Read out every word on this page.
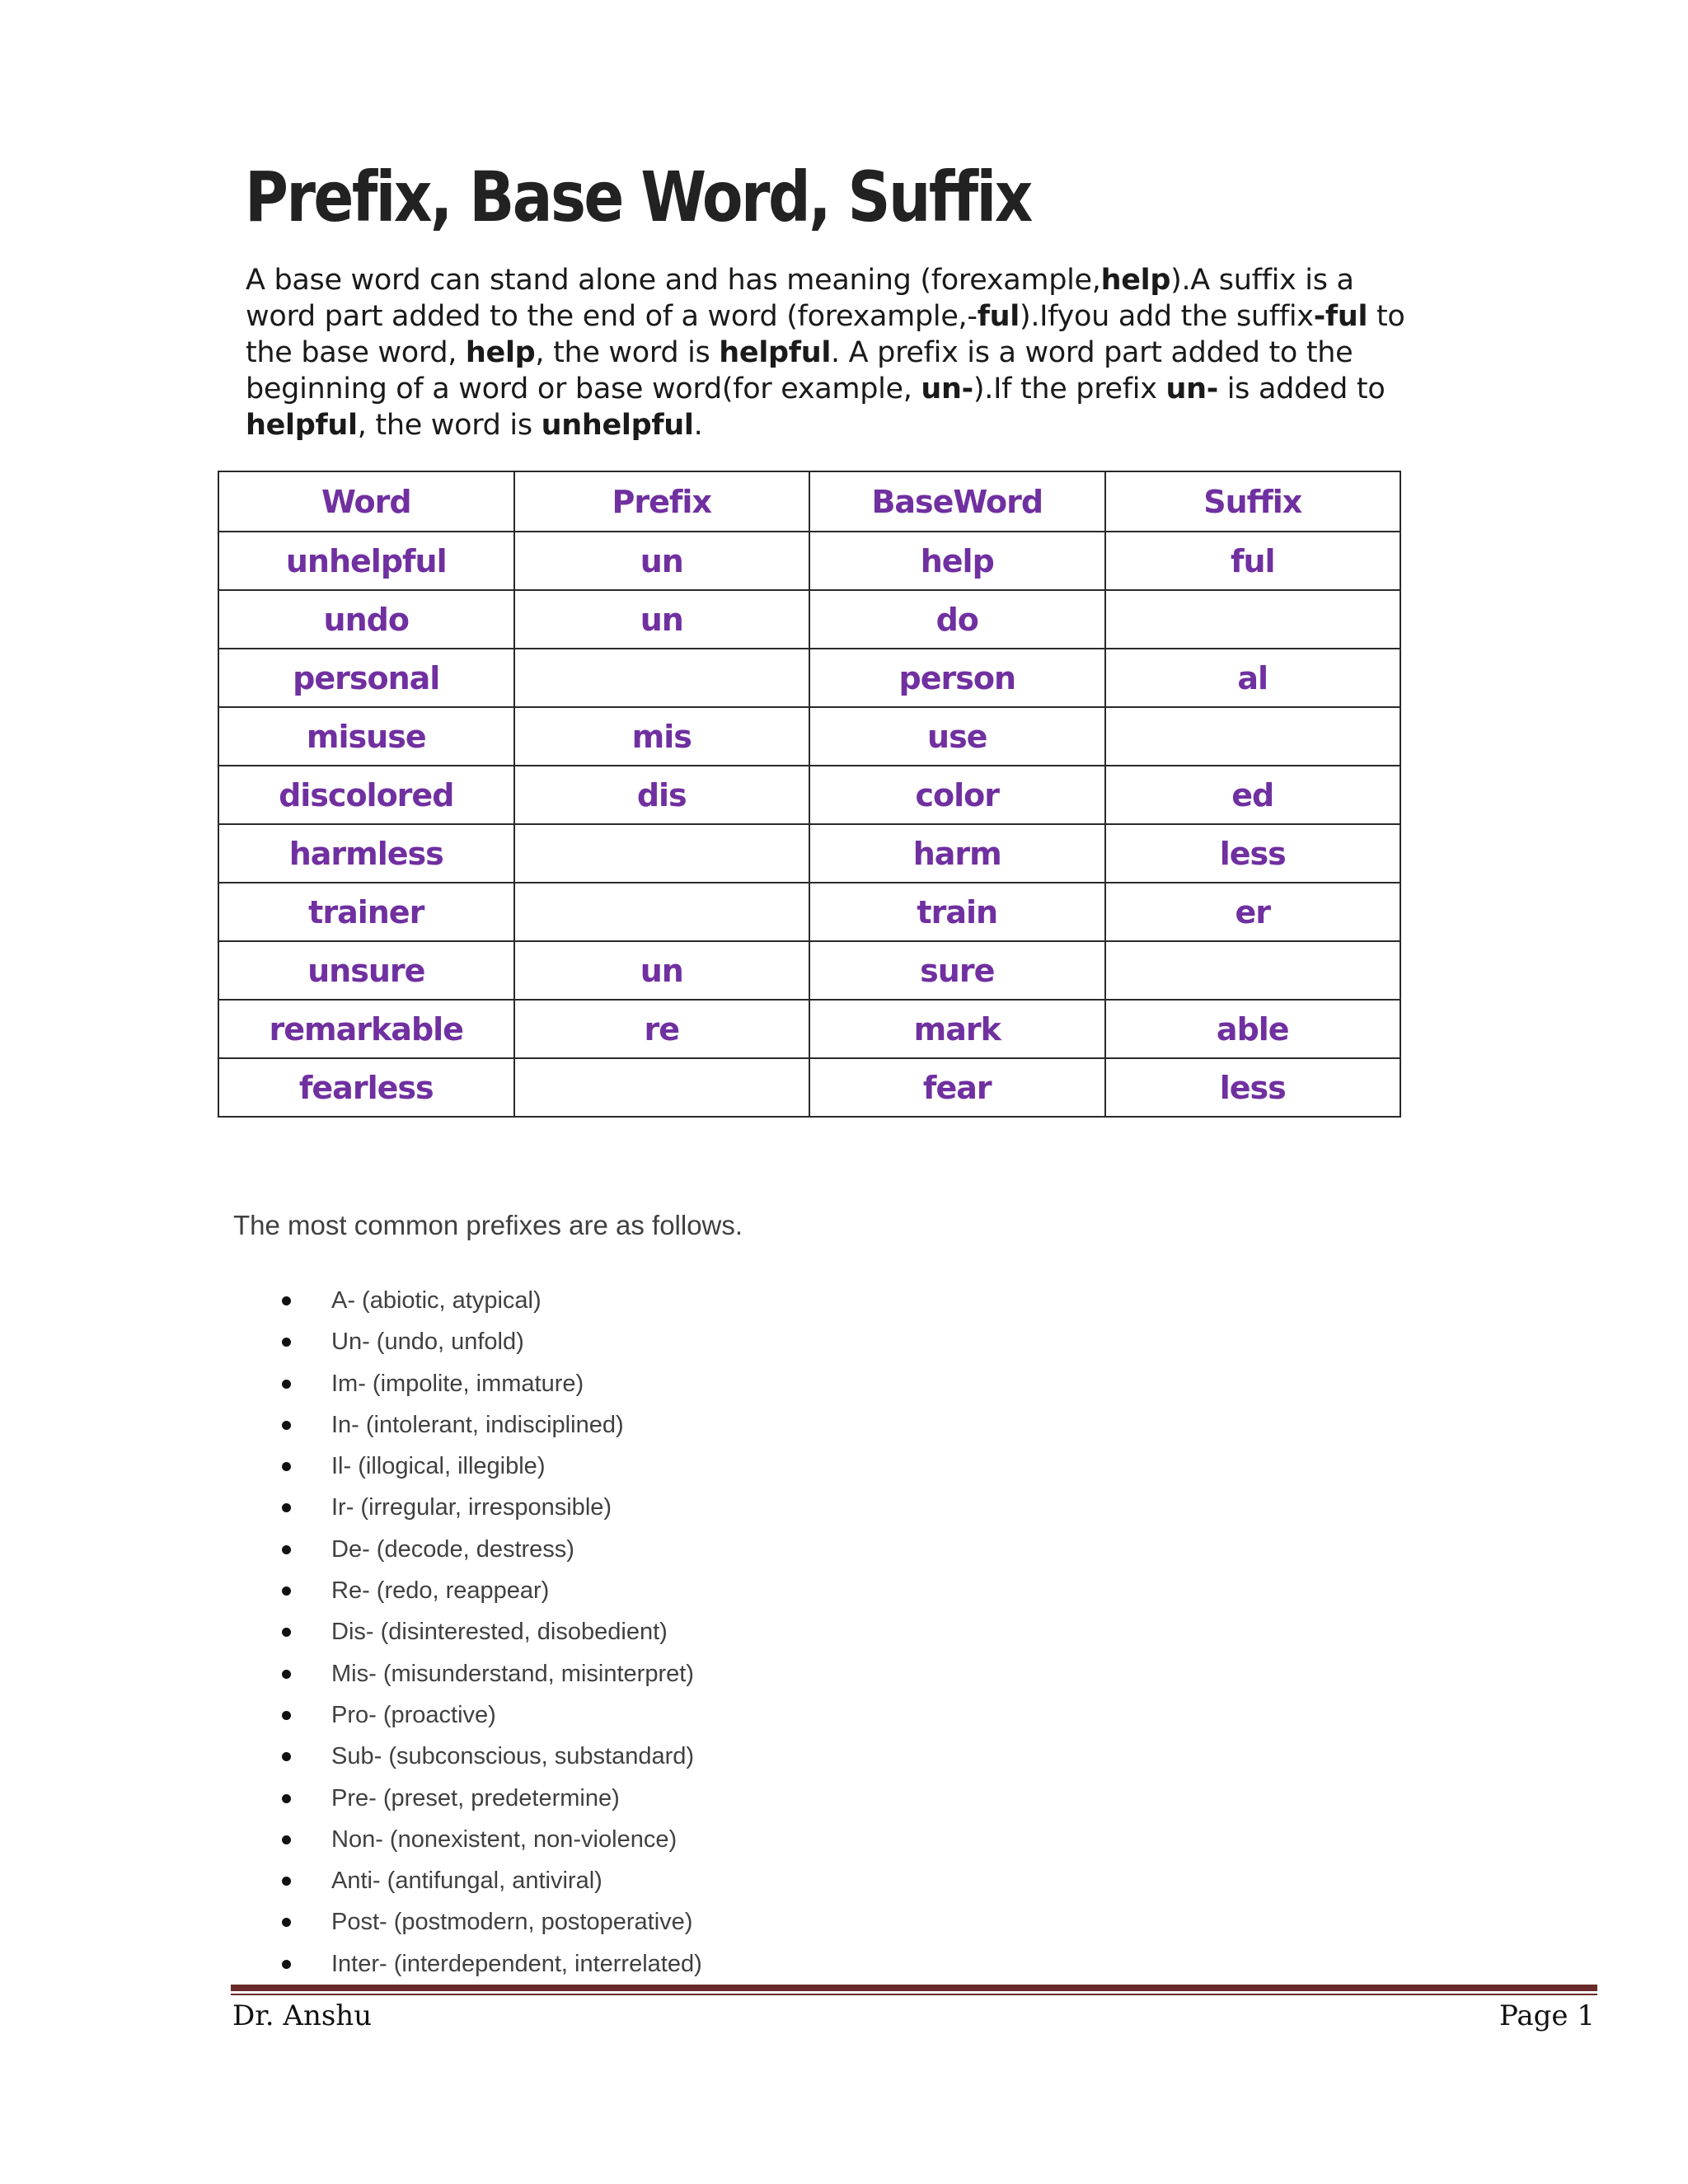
Prefix, Base Word, Suffix
A base word can stand alone and has meaning (forexample,help).A suffix is a word part added to the end of a word (forexample,-ful).Ifyou add the suffix-ful to the base word, help, the word is helpful. A prefix is a word part added to the beginning of a word or base word(for example, un-).If the prefix un- is added to helpful, the word is unhelpful.
Word	Prefix	BaseWord	Suffix
unhelpful	un	help	ful
undo	un	do	
personal		person	al
misuse	mis	use	
discolored	dis	color	ed
harmless		harm	less
trainer		train	er
unsure	un	sure	
remarkable	re	mark	able
fearless		fear	less

The most common prefixes are as follows.

A- (abiotic, atypical)
Un- (undo, unfold)
Im- (impolite, immature)
In- (intolerant, indisciplined)
Il- (illogical, illegible)
Ir- (irregular, irresponsible)
De- (decode, destress)
Re- (redo, reappear)
Dis- (disinterested, disobedient)
Mis- (misunderstand, misinterpret)
Pro- (proactive)
Sub- (subconscious, substandard)
Pre- (preset, predetermine)
Non- (nonexistent, non-violence)
Anti- (antifungal, antiviral)
Post- (postmodern, postoperative)
Inter- (interdependent, interrelated)
Dr. Anshu	Page 1
